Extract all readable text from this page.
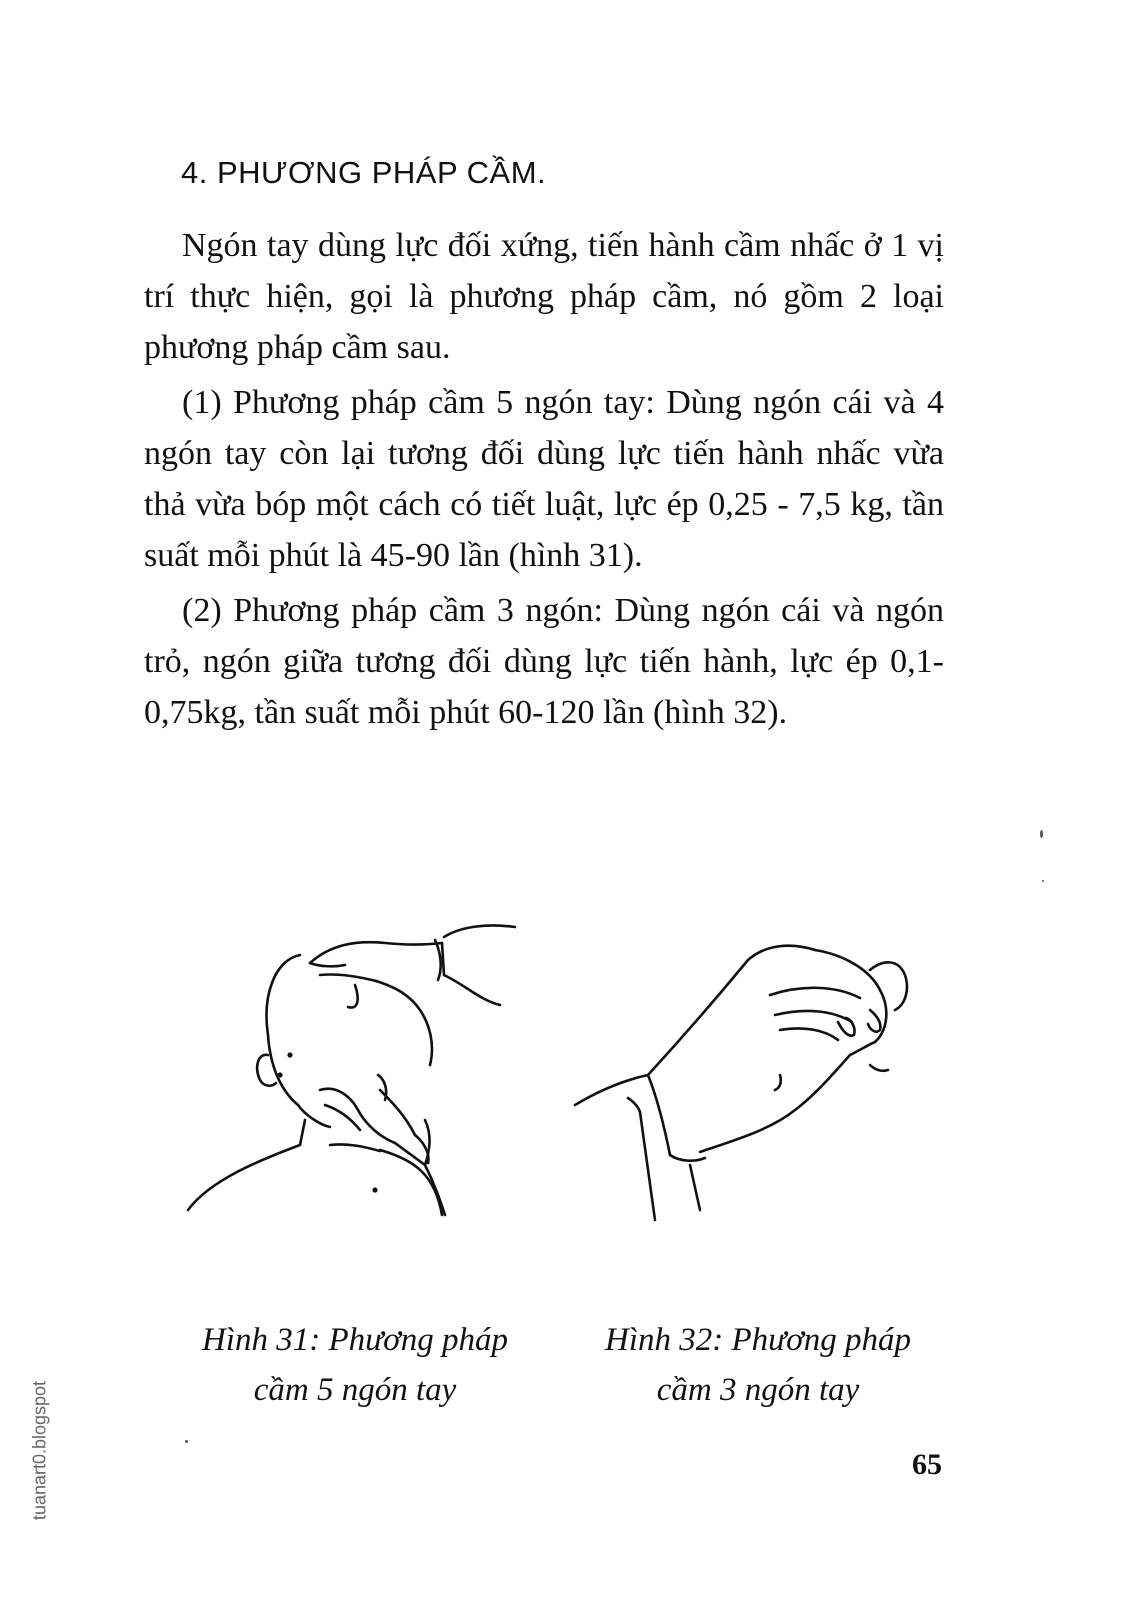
4. PHƯƠNG PHÁP CẦM.

Ngón tay dùng lực đối xứng, tiến hành cầm nhấc ở 1 vị trí thực hiện, gọi là phương pháp cầm, nó gồm 2 loại phương pháp cầm sau.

(1) Phương pháp cầm 5 ngón tay: Dùng ngón cái và 4 ngón tay còn lại tương đối dùng lực tiến hành nhấc vừa thả vừa bóp một cách có tiết luật, lực ép 0,25 - 7,5 kg, tần suất mỗi phút là 45-90 lần (hình 31).

(2) Phương pháp cầm 3 ngón: Dùng ngón cái và ngón trỏ, ngón giữa tương đối dùng lực tiến hành, lực ép 0,1-0,75kg, tần suất mỗi phút 60-120 lần (hình 32).

Hình 31: Phương pháp
cầm 5 ngón tay
Hình 32: Phương pháp
cầm 3 ngón tay
65
tuanart0.blogspot
